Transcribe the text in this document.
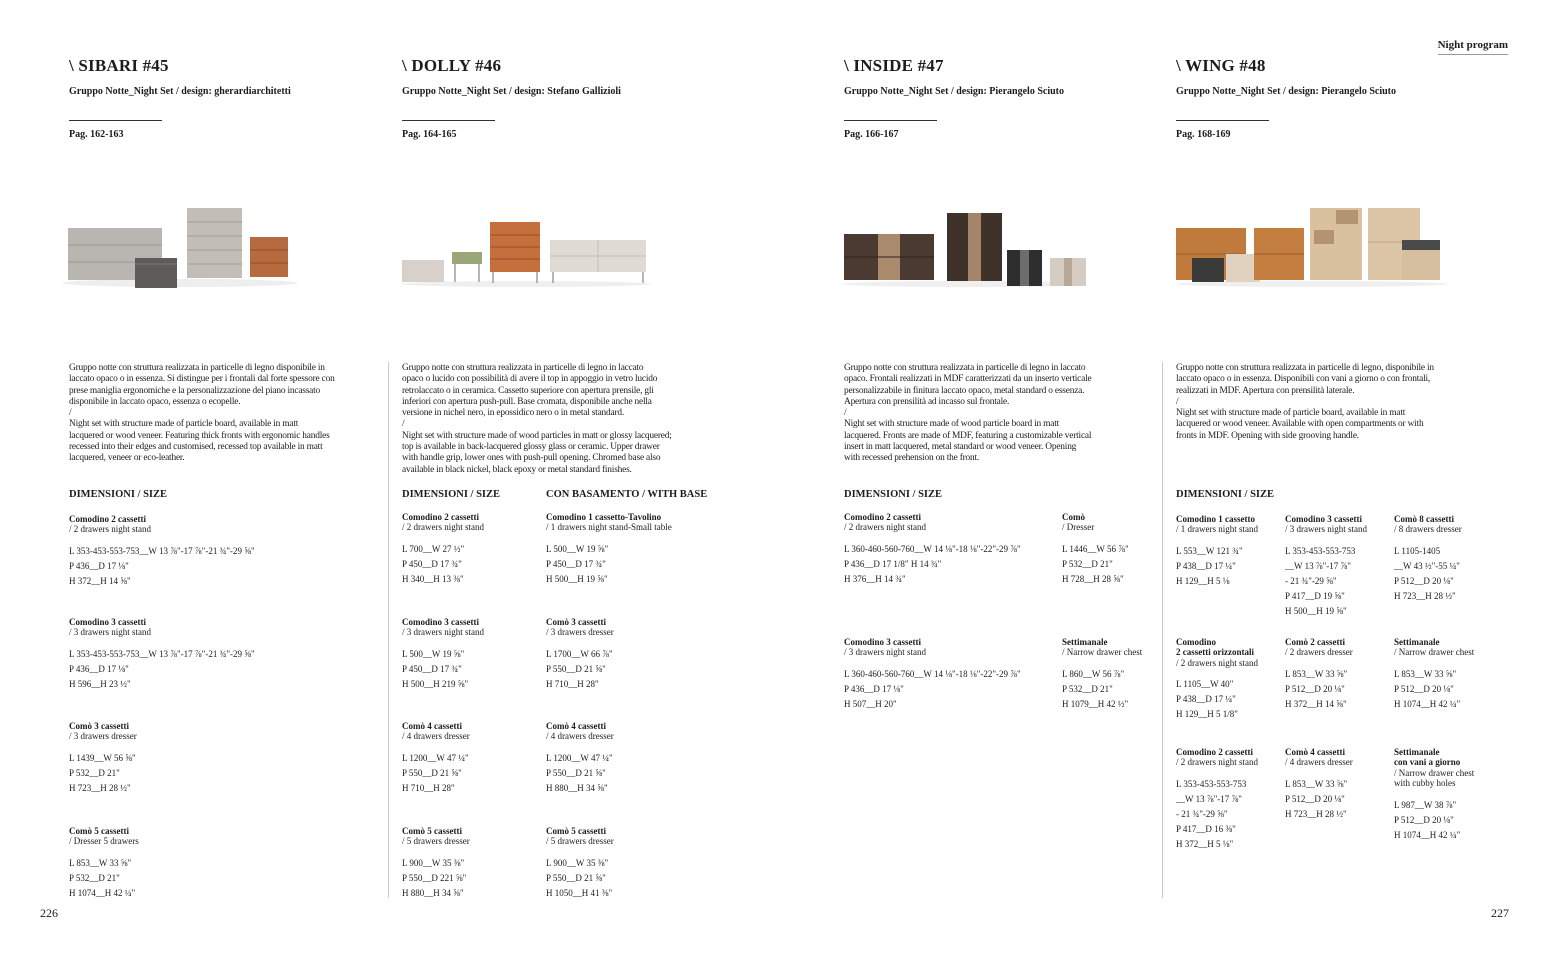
Night program
226	227
\ SIBARI #45
Gruppo Notte_Night Set / design: gherardiarchitetti
Pag. 162-163
Gruppo notte con struttura realizzata in particelle di legno disponibile in
laccato opaco o in essenza. Si distingue per i frontali dal forte spessore con
prese maniglia ergonomiche e la personalizzazione del piano incassato
disponibile in laccato opaco, essenza o ecopelle.
/
Night set with structure made of particle board, available in matt
lacquered or wood veneer. Featuring thick fronts with ergonomic handles
recessed into their edges and customised, recessed top available in matt
lacquered, veneer or eco-leather.
DIMENSIONI / SIZE
Comodino 2 cassetti
/ 2 drawers night stand
L 353-453-553-753__W 13 ⅞"-17 ⅞"-21 ¾"-29 ⅝"
P 436__D 17 ⅛"
H 372__H 14 ⅝"
Comodino 3 cassetti
/ 3 drawers night stand
L 353-453-553-753__W 13 ⅞"-17 ⅞"-21 ¾"-29 ⅝"
P 436__D 17 ⅛"
H 596__H 23 ½"
Comò 3 cassetti
/ 3 drawers dresser
L 1439__W 56 ⅝"
P 532__D 21"
H 723__H 28 ½"
Comò 5 cassetti
/ Dresser 5 drawers
L 853__W 33 ⅝"
P 532__D 21"
H 1074__H 42 ¼"
\ DOLLY #46
Gruppo Notte_Night Set / design: Stefano Gallizioli
Pag. 164-165
Gruppo notte con struttura realizzata in particelle di legno in laccato
opaco o lucido con possibilità di avere il top in appoggio in vetro lucido
retrolaccato o in ceramica. Cassetto superiore con apertura prensile, gli
inferiori con apertura push-pull. Base cromata, disponibile anche nella
versione in nichel nero, in epossidico nero o in metal standard.
/
Night set with structure made of wood particles in matt or glossy lacquered;
top is available in back-lacquered glossy glass or ceramic. Upper drawer
with handle grip, lower ones with push-pull opening. Chromed base also
available in black nickel, black epoxy or metal standard finishes.
DIMENSIONI / SIZE	CON BASAMENTO / WITH BASE
Comodino 2 cassetti
/ 2 drawers night stand
L 700__W 27 ½"
P 450__D 17 ¾"
H 340__H 13 ⅜"
Comodino 3 cassetti
/ 3 drawers night stand
L 500__W 19 ⅝"
P 450__D 17 ¾"
H 500__H 219 ⅝"
Comò 4 cassetti
/ 4 drawers dresser
L 1200__W 47 ¼"
P 550__D 21 ⅝"
H 710__H 28"
Comò 5 cassetti
/ 5 drawers dresser
L 900__W 35 ⅜"
P 550__D 221 ⅝"
H 880__H 34 ⅝"
Comodino 1 cassetto-Tavolino
/ 1 drawers night stand-Small table
L 500__W 19 ⅝"
P 450__D 17 ¾"
H 500__H 19 ⅝"
Comò 3 cassetti
/ 3 drawers dresser
L 1700__W 66 ⅞"
P 550__D 21 ⅝"
H 710__H 28"
Comò 4 cassetti
/ 4 drawers dresser
L 1200__W 47 ¼"
P 550__D 21 ⅝"
H 880__H 34 ⅝"
Comò 5 cassetti
/ 5 drawers dresser
L 900__W 35 ⅜"
P 550__D 21 ⅝"
H 1050__H 41 ⅜"
\ INSIDE #47
Gruppo Notte_Night Set / design: Pierangelo Sciuto
Pag. 166-167
Gruppo notte con struttura realizzata in particelle di legno in laccato
opaco. Frontali realizzati in MDF caratterizzati da un inserto verticale
personalizzabile in finitura laccato opaco, metal standard o essenza.
Apertura con prensilità ad incasso sul frontale.
/
Night set with structure made of wood particle board in matt
lacquered. Fronts are made of MDF, featuring a customizable vertical
insert in matt lacquered, metal standard or wood veneer. Opening
with recessed prehension on the front.
DIMENSIONI / SIZE
Comodino 2 cassetti
/ 2 drawers night stand
L 360-460-560-760__W 14 ⅛"-18 ⅛"-22"-29 ⅞"
P 436__D 17 1/8" H 14 ¾"
H 376__H 14 ¾"
Comodino 3 cassetti
/ 3 drawers night stand
L 360-460-560-760__W 14 ⅛"-18 ⅛"-22"-29 ⅞"
P 436__D 17 ⅛"
H 507__H 20"
Comò
/ Dresser
L 1446__W 56 ⅞"
P 532__D 21"
H 728__H 28 ⅝"
Settimanale
/ Narrow drawer chest
L 860__W 56 ⅞"
P 532__D 21"
H 1079__H 42 ½"
\ WING #48
Gruppo Notte_Night Set / design: Pierangelo Sciuto
Pag. 168-169
Gruppo notte con struttura realizzata in particelle di legno, disponibile in
laccato opaco o in essenza. Disponibili con vani a giorno o con frontali,
realizzati in MDF. Apertura con prensilità laterale.
/
Night set with structure made of particle board, available in matt
lacquered or wood veneer. Available with open compartments or with
fronts in MDF. Opening with side grooving handle.
DIMENSIONI / SIZE
Comodino 1 cassetto
/ 1 drawers night stand
L 553__W 121 ¾"
P 438__D 17 ¼"
H 129__H 5 ⅛
Comodino
2 cassetti orizzontali
/ 2 drawers night stand
L 1105__W 40"
P 438__D 17 ¼"
H 129__H 5 1/8"
Comodino 2 cassetti
/ 2 drawers night stand
L 353-453-553-753
__W 13 ⅞"-17 ⅞"
- 21 ¾"-29 ⅝"
P 417__D 16 ⅜"
H 372__H 5 ⅛"
Comodino 3 cassetti
/ 3 drawers night stand
L 353-453-553-753
__W 13 ⅞"-17 ⅞"
- 21 ¾"-29 ⅝"
P 417__D 19 ⅝"
H 500__H 19 ⅝"
Comò 2 cassetti
/ 2 drawers dresser
L 853__W 33 ⅝"
P 512__D 20 ⅛"
H 372__H 14 ⅝"
Comò 4 cassetti
/ 4 drawers dresser
L 853__W 33 ⅝"
P 512__D 20 ⅛"
H 723__H 28 ½"
Comò 8 cassetti
/ 8 drawers dresser
L 1105-1405
__W 43 ½"-55 ¼"
P 512__D 20 ⅛"
H 723__H 28 ½"
Settimanale
/ Narrow drawer chest
L 853__W 33 ⅝"
P 512__D 20 ⅛"
H 1074__H 42 ¼"
Settimanale
con vani a giorno
/ Narrow drawer chest
with cubby holes
L 987__W 38 ⅞"
P 512__D 20 ⅛"
H 1074__H 42 ¼"
